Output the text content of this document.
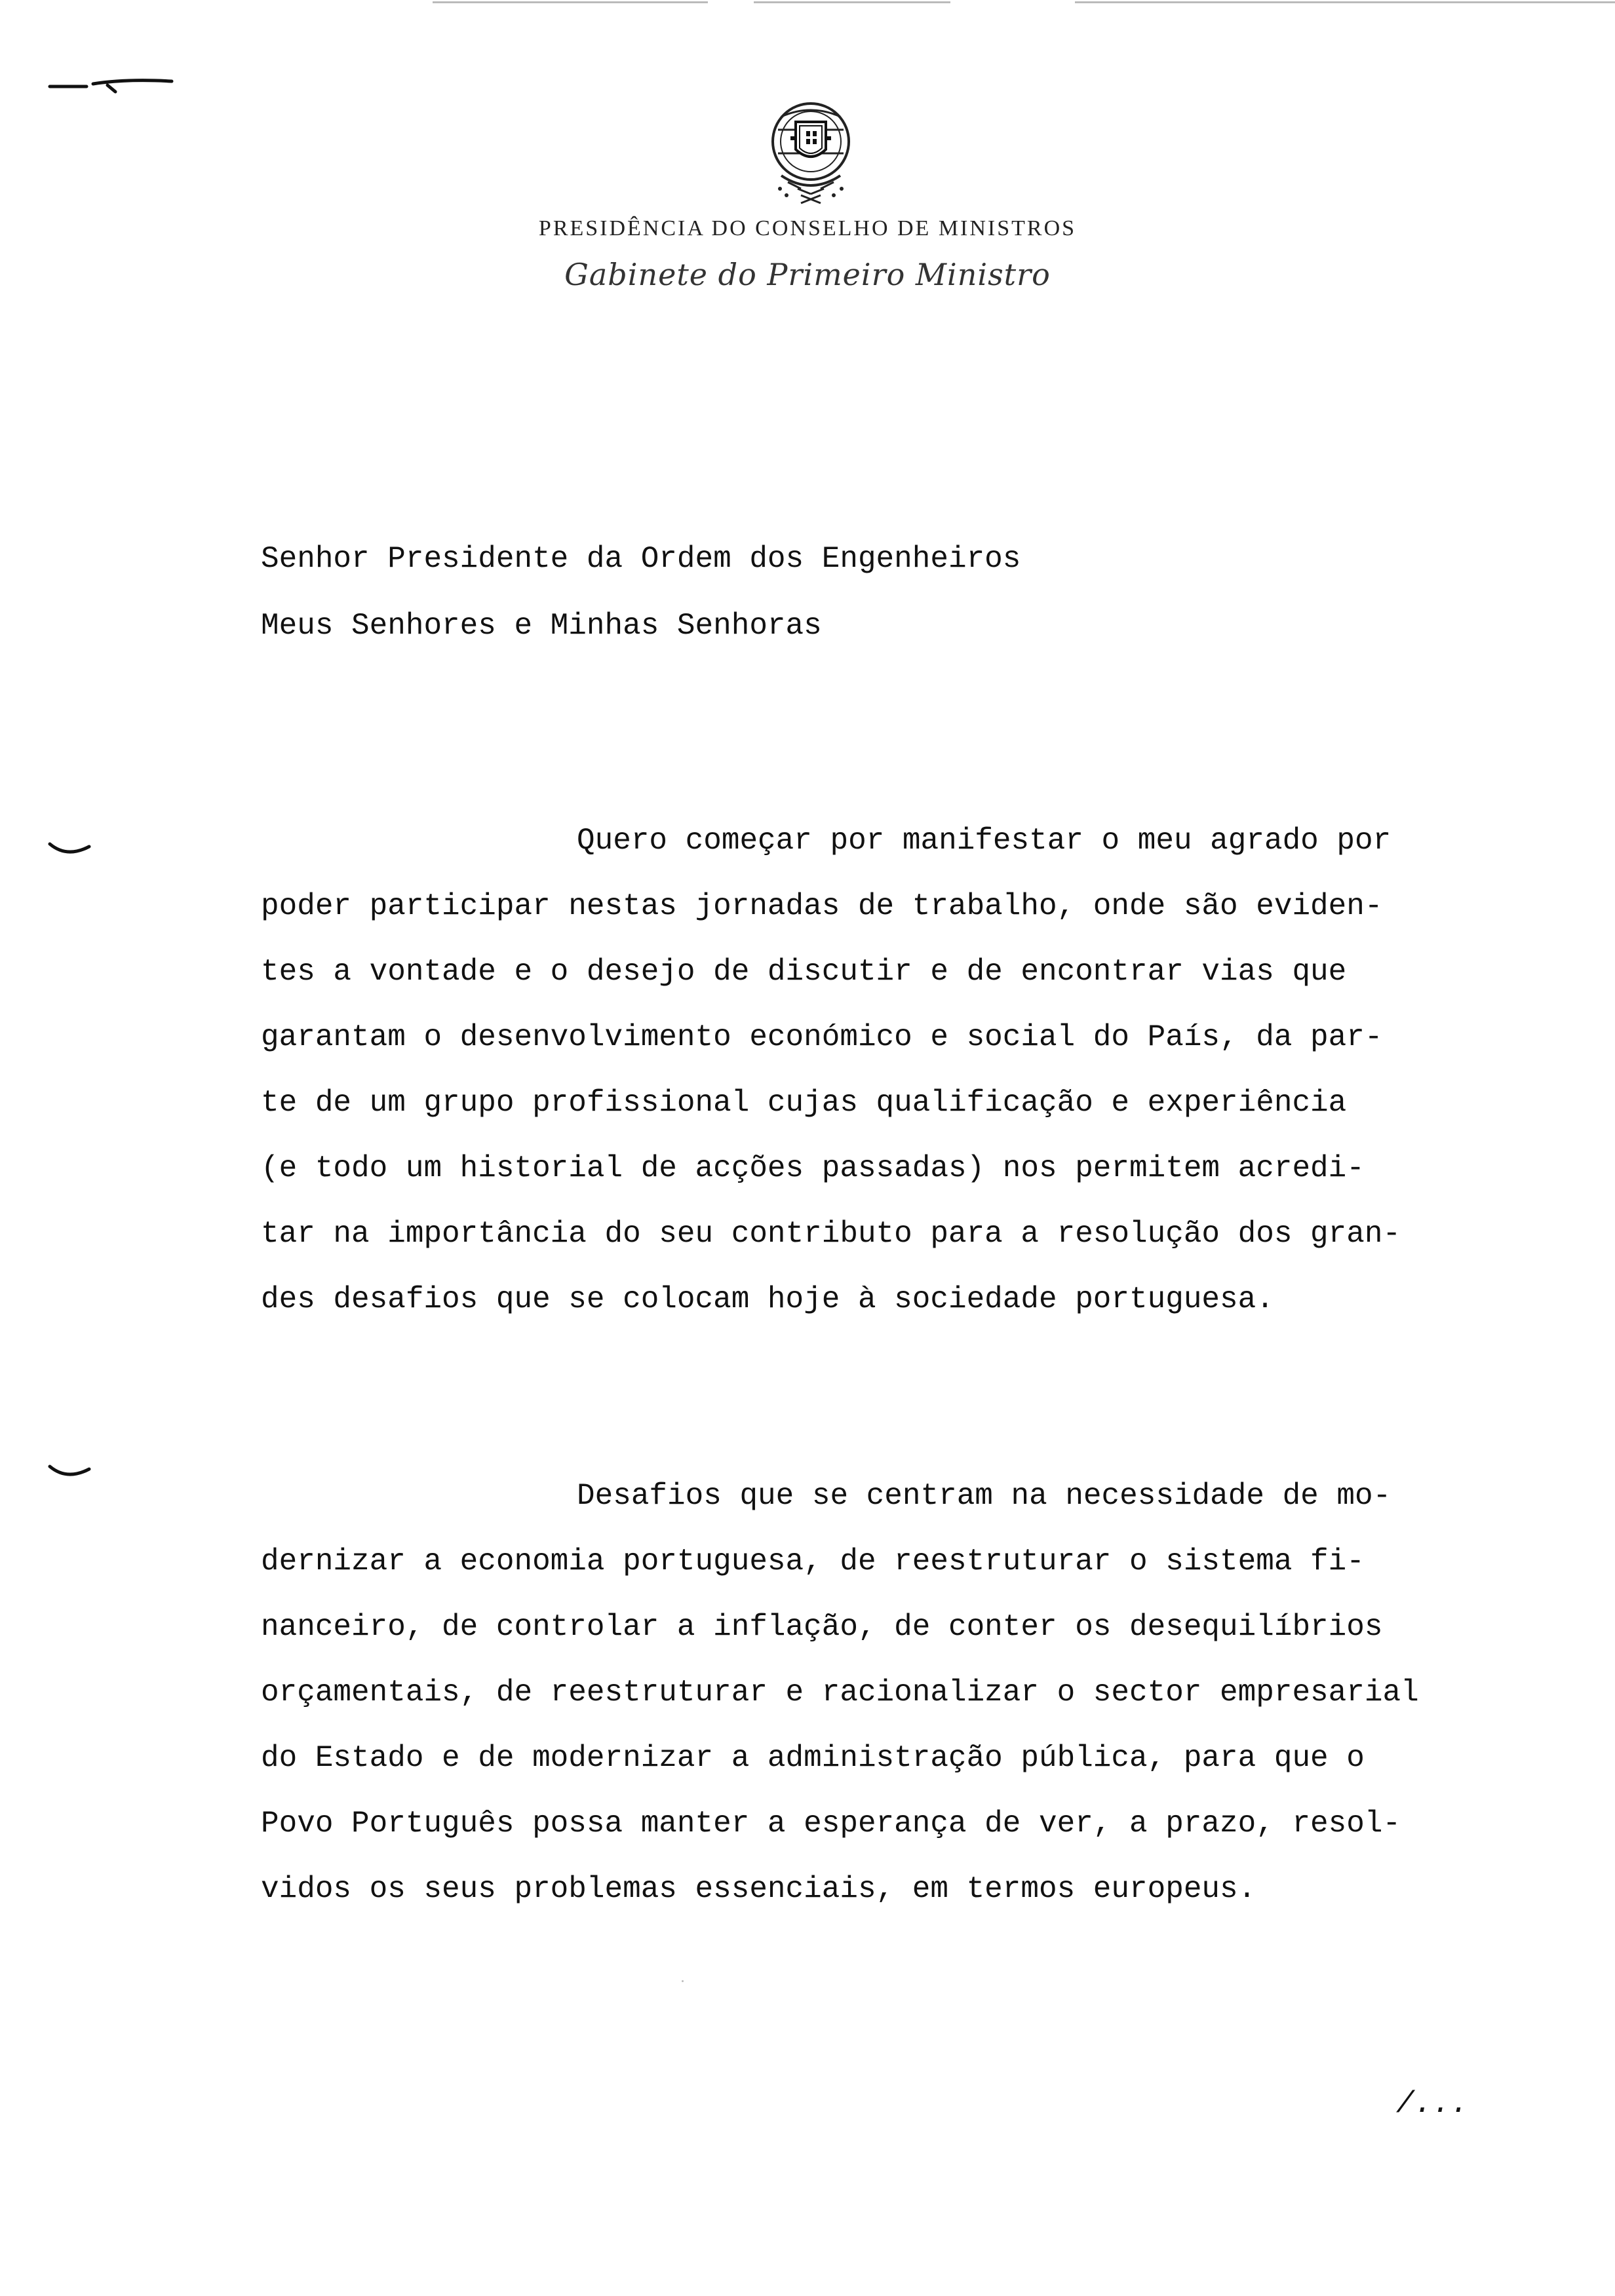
PRESIDÊNCIA DO CONSELHO DE MINISTROS
Gabinete do Primeiro Ministro
Senhor Presidente da Ordem dos Engenheiros
Meus Senhores e Minhas Senhoras
Quero começar por manifestar o meu agrado por
poder participar nestas jornadas de trabalho, onde são eviden-
tes a vontade e o desejo de discutir e de encontrar vias que
garantam o desenvolvimento económico e social do País, da par-
te de um grupo profissional cujas qualificação e experiência
(e todo um historial de acções passadas) nos permitem acredi-
tar na importância do seu contributo para a resolução dos gran-
des desafios que se colocam hoje à sociedade portuguesa.
Desafios que se centram na necessidade de mo-
dernizar a economia portuguesa, de reestruturar o sistema fi-
nanceiro, de controlar a inflação, de conter os desequilíbrios
orçamentais, de reestruturar e racionalizar o sector empresarial
do Estado e de modernizar a administração pública, para que o
Povo Português possa manter a esperança de ver, a prazo, resol-
vidos os seus problemas essenciais, em termos europeus.
/...
